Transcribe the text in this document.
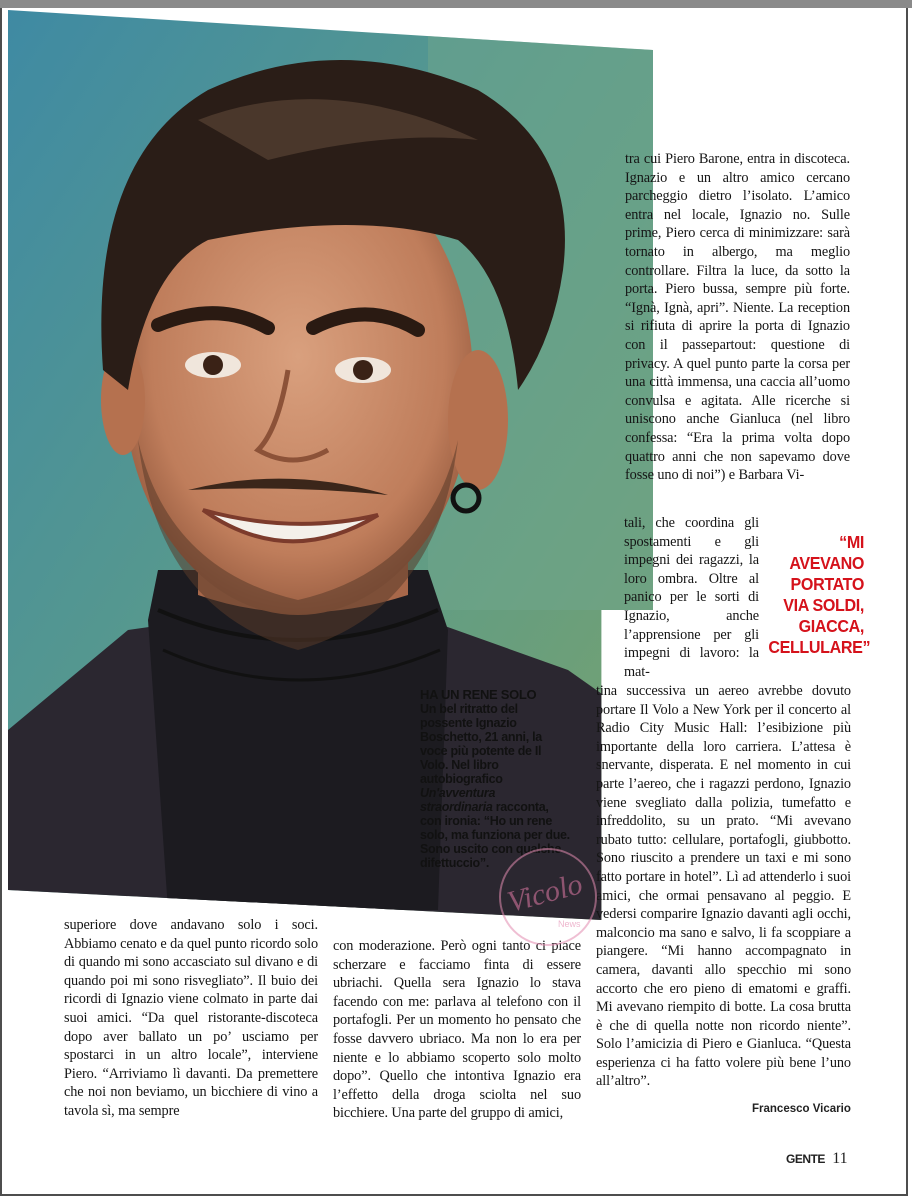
HA UN RENE SOLO
Un bel ritratto del possente Ignazio Boschetto, 21 anni, la voce più potente de Il Volo. Nel libro autobiografico Un'avventura straordinaria racconta, con ironia: “Ho un rene solo, ma funziona per due. Sono uscito con qualche difettuccio”.

tra cui Piero Barone, entra in discoteca. Ignazio e un altro amico cercano parcheggio dietro l’isolato. L’amico entra nel locale, Ignazio no. Sulle prime, Piero cerca di minimizzare: sarà tornato in albergo, ma meglio controllare. Filtra la luce, da sotto la porta. Piero bussa, sempre più forte. “Ignà, Ignà, apri”. Niente. La reception si rifiuta di aprire la porta di Ignazio con il passepartout: questione di privacy. A quel punto parte la corsa per una città immensa, una caccia all’uomo convulsa e agitata. Alle ricerche si uniscono anche Gianluca (nel libro confessa: “Era la prima volta dopo quattro anni che non sapevamo dove fosse uno di noi”) e Barbara Vi-

tali, che coordina gli spostamenti e gli impegni dei ragazzi, la loro ombra. Oltre al panico per le sorti di Ignazio, anche l’apprensione per gli impegni di lavoro: la mat-

“MI
AVEVANO
PORTATO
VIA SOLDI,
GIACCA,
CELLULARE”

tina successiva un aereo avrebbe dovuto portare Il Volo a New York per il concerto al Radio City Music Hall: l’esibizione più importante della loro carriera. L’attesa è snervante, disperata. E nel momento in cui parte l’aereo, che i ragazzi perdono, Ignazio viene svegliato dalla polizia, tumefatto e infreddolito, su un prato. “Mi avevano rubato tutto: cellulare, portafogli, giubbotto. Sono riuscito a prendere un taxi e mi sono fatto portare in hotel”. Lì ad attenderlo i suoi amici, che ormai pensavano al peggio. E vedersi comparire Ignazio davanti agli occhi, malconcio ma sano e salvo, li fa scoppiare a piangere. “Mi hanno accompagnato in camera, davanti allo specchio mi sono accorto che ero pieno di ematomi e graffi. Mi avevano riempito di botte. La cosa brutta è che di quella notte non ricordo niente”. Solo l’amicizia di Piero e Gianluca. “Questa esperienza ci ha fatto volere più bene l’uno all’altro”.

superiore dove andavano solo i soci. Abbiamo cenato e da quel punto ricordo solo di quando mi sono accasciato sul divano e di quando poi mi sono risvegliato”. Il buio dei ricordi di Ignazio viene colmato in parte dai suoi amici. “Da quel ristorante-discoteca dopo aver ballato un po’ usciamo per spostarci in un altro locale”, interviene Piero. “Arriviamo lì davanti. Da premettere che noi non beviamo, un bicchiere di vino a tavola sì, ma sempre

con moderazione. Però ogni tanto ci piace scherzare e facciamo finta di essere ubriachi. Quella sera Ignazio lo stava facendo con me: parlava al telefono con il portafogli. Per un momento ho pensato che fosse davvero ubriaco. Ma non lo era per niente e lo abbiamo scoperto solo molto dopo”. Quello che intontiva Ignazio era l’effetto della droga sciolta nel suo bicchiere. Una parte del gruppo di amici,	Francesco Vicario
GENTE 11
Vicolo
News
